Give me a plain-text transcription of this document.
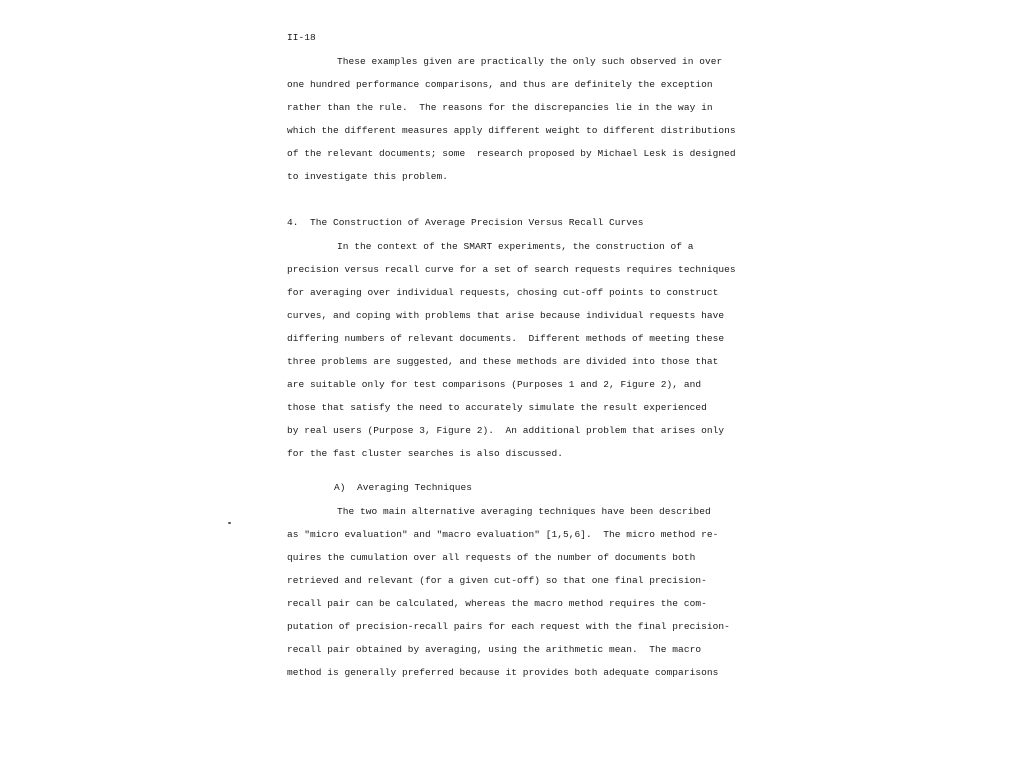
II-18
These examples given are practically the only such observed in over
one hundred performance comparisons, and thus are definitely the exception
rather than the rule.  The reasons for the discrepancies lie in the way in
which the different measures apply different weight to different distributions
of the relevant documents; some  research proposed by Michael Lesk is designed
to investigate this problem.
4.  The Construction of Average Precision Versus Recall Curves
In the context of the SMART experiments, the construction of a
precision versus recall curve for a set of search requests requires techniques
for averaging over individual requests, chosing cut-off points to construct
curves, and coping with problems that arise because individual requests have
differing numbers of relevant documents.  Different methods of meeting these
three problems are suggested, and these methods are divided into those that
are suitable only for test comparisons (Purposes 1 and 2, Figure 2), and
those that satisfy the need to accurately simulate the result experienced
by real users (Purpose 3, Figure 2).  An additional problem that arises only
for the fast cluster searches is also discussed.
A)  Averaging Techniques
The two main alternative averaging techniques have been described
as "micro evaluation" and "macro evaluation" [1,5,6].  The micro method re-
quires the cumulation over all requests of the number of documents both
retrieved and relevant (for a given cut-off) so that one final precision-
recall pair can be calculated, whereas the macro method requires the com-
putation of precision-recall pairs for each request with the final precision-
recall pair obtained by averaging, using the arithmetic mean.  The macro
method is generally preferred because it provides both adequate comparisons
